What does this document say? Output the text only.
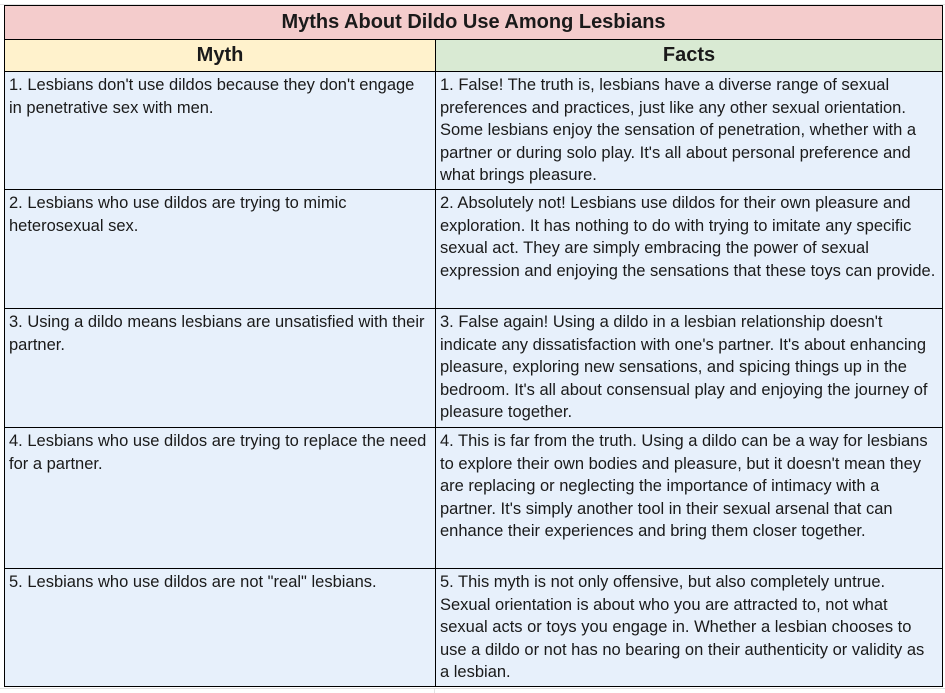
Myths About Dildo Use Among Lesbians	
Myth	Facts
1. Lesbians don't use dildos because they don't engage in penetrative sex with men.	1. False! The truth is, lesbians have a diverse range of sexual preferences and practices, just like any other sexual orientation. Some lesbians enjoy the sensation of penetration, whether with a partner or during solo play. It's all about personal preference and what brings pleasure.
2. Lesbians who use dildos are trying to mimic heterosexual sex.	2. Absolutely not! Lesbians use dildos for their own pleasure and exploration. It has nothing to do with trying to imitate any specific sexual act. They are simply embracing the power of sexual expression and enjoying the sensations that these toys can provide.
3. Using a dildo means lesbians are unsatisfied with their partner.	3. False again! Using a dildo in a lesbian relationship doesn't indicate any dissatisfaction with one's partner. It's about enhancing pleasure, exploring new sensations, and spicing things up in the bedroom. It's all about consensual play and enjoying the journey of pleasure together.
4. Lesbians who use dildos are trying to replace the need for a partner.	4. This is far from the truth. Using a dildo can be a way for lesbians to explore their own bodies and pleasure, but it doesn't mean they are replacing or neglecting the importance of intimacy with a partner. It's simply another tool in their sexual arsenal that can enhance their experiences and bring them closer together.
5. Lesbians who use dildos are not "real" lesbians.	5. This myth is not only offensive, but also completely untrue. Sexual orientation is about who you are attracted to, not what sexual acts or toys you engage in. Whether a lesbian chooses to use a dildo or not has no bearing on their authenticity or validity as a lesbian.
